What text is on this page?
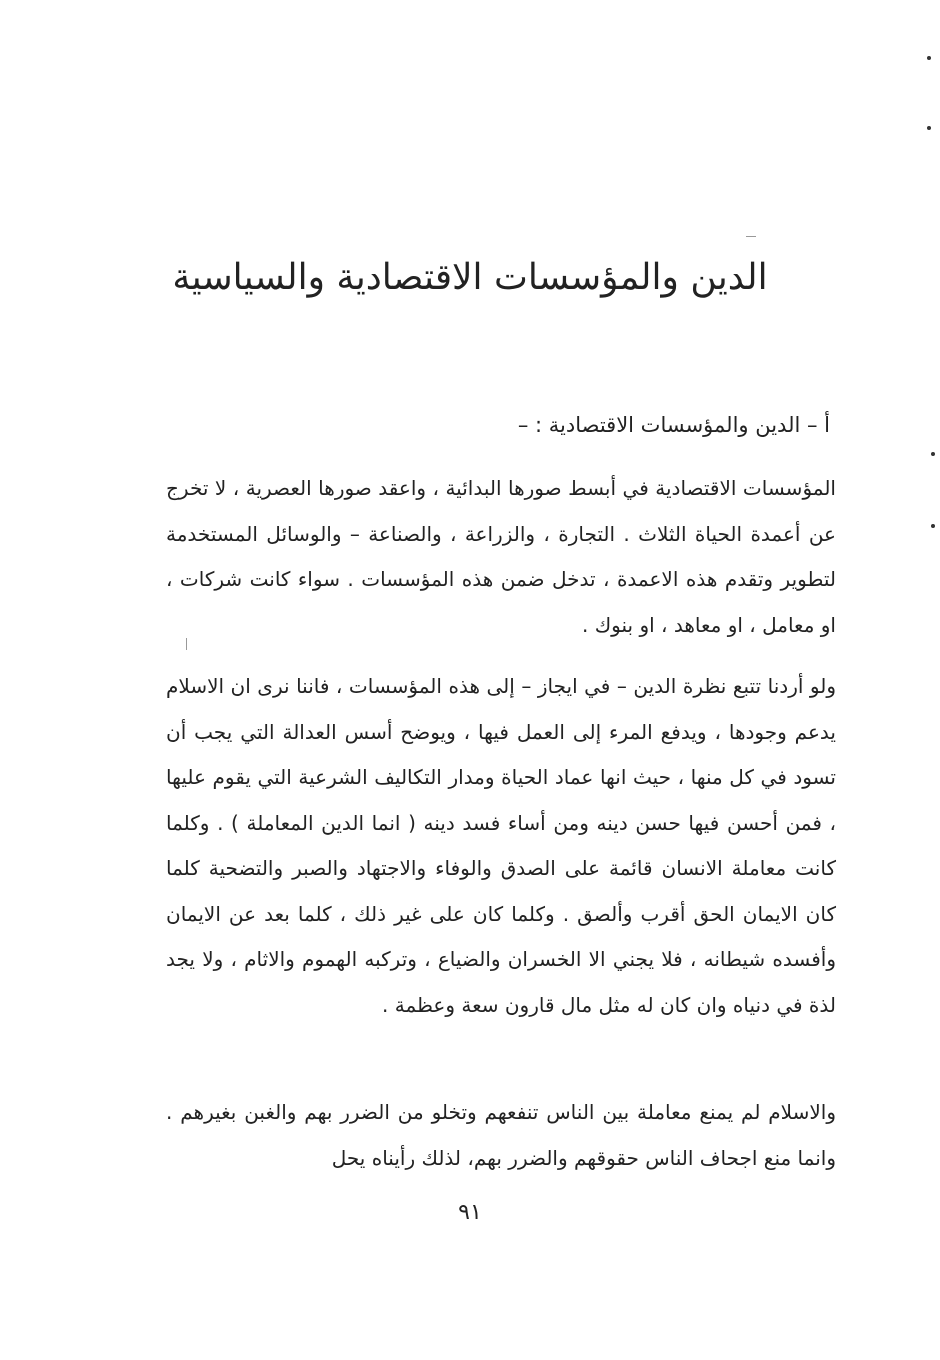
الدين والمؤسسات الاقتصادية والسياسية
أ – الدين والمؤسسات الاقتصادية : –
المؤسسات الاقتصادية في أبسط صورها البدائية ، واعقد صورها العصرية ، لا تخرج عن أعمدة الحياة الثلاث . التجارة ، والزراعة ، والصناعة – والوسائل المستخدمة لتطوير وتقدم هذه الاعمدة ، تدخل ضمن هذه المؤسسات . سواء كانت شركات ، او معامل ، او معاهد ، او بنوك .
ولو أردنا تتبع نظرة الدين – في ايجاز – إلى هذه المؤسسات ، فاننا نرى ان الاسلام يدعم وجودها ، ويدفع المرء إلى العمل فيها ، ويوضح أسس العدالة التي يجب أن تسود في كل منها ، حيث انها عماد الحياة ومدار التكاليف الشرعية التي يقوم عليها ، فمن أحسن فيها حسن دينه ومن أساء فسد دينه ( انما الدين المعاملة ) . وكلما كانت معاملة الانسان قائمة على الصدق والوفاء والاجتهاد والصبر والتضحية كلما كان الايمان الحق أقرب وألصق . وكلما كان على غير ذلك ، كلما بعد عن الايمان وأفسده شيطانه ، فلا يجني الا الخسران والضياع ، وتركبه الهموم والاثام ، ولا يجد لذة في دنياه وان كان له مثل مال قارون سعة وعظمة .
والاسلام لم يمنع معاملة بين الناس تنفعهم وتخلو من الضرر بهم والغبن بغيرهم . وانما منع اجحاف الناس حقوقهم والضرر بهم، لذلك رأيناه يحل
٩١
